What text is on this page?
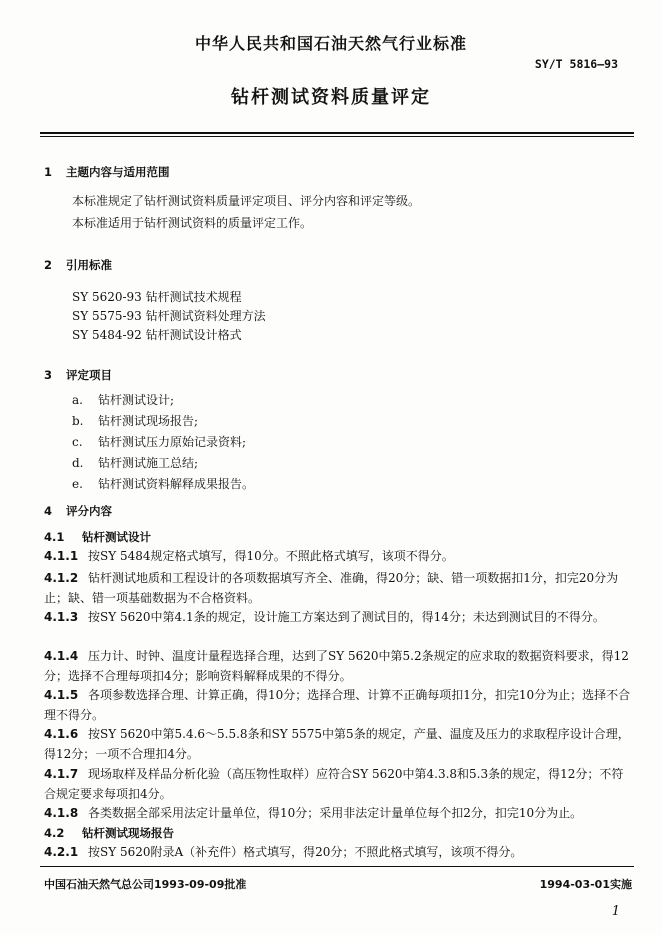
中华人民共和国石油天然气行业标准
SY/T 5816—93
钻杆测试资料质量评定
1 主题内容与适用范围
本标准规定了钻杆测试资料质量评定项目、评分内容和评定等级。
本标准适用于钻杆测试资料的质量评定工作。
2 引用标准
SY 5620-93 钻杆测试技术规程
SY 5575-93 钻杆测试资料处理方法
SY 5484-92 钻杆测试设计格式
3 评定项目
a. 钻杆测试设计;
b. 钻杆测试现场报告;
c. 钻杆测试压力原始记录资料;
d. 钻杆测试施工总结;
e. 钻杆测试资料解释成果报告。
4 评分内容
4.1 钻杆测试设计
4.1.1 按SY 5484规定格式填写，得10分。不照此格式填写，该项不得分。
4.1.2 钻杆测试地质和工程设计的各项数据填写齐全、准确，得20分；缺、错一项数据扣1分，扣完20分为止；缺、错一项基础数据为不合格资料。
4.1.3 按SY 5620中第4.1条的规定，设计施工方案达到了测试目的，得14分；未达到测试目的不得分。
4.1.4 压力计、时钟、温度计量程选择合理，达到了SY 5620中第5.2条规定的应求取的数据资料要求，得12分；选择不合理每项扣4分；影响资料解释成果的不得分。
4.1.5 各项参数选择合理、计算正确，得10分；选择合理、计算不正确每项扣1分，扣完10分为止；选择不合理不得分。
4.1.6 按SY 5620中第5.4.6～5.5.8条和SY 5575中第5条的规定，产量、温度及压力的求取程序设计合理，得12分；一项不合理扣4分。
4.1.7 现场取样及样品分析化验（高压物性取样）应符合SY 5620中第4.3.8和5.3条的规定，得12分；不符合规定要求每项扣4分。
4.1.8 各类数据全部采用法定计量单位，得10分；采用非法定计量单位每个扣2分，扣完10分为止。
4.2 钻杆测试现场报告
4.2.1 按SY 5620附录A（补充件）格式填写，得20分；不照此格式填写，该项不得分。
中国石油天然气总公司1993-09-09批准	1994-03-01实施
1
